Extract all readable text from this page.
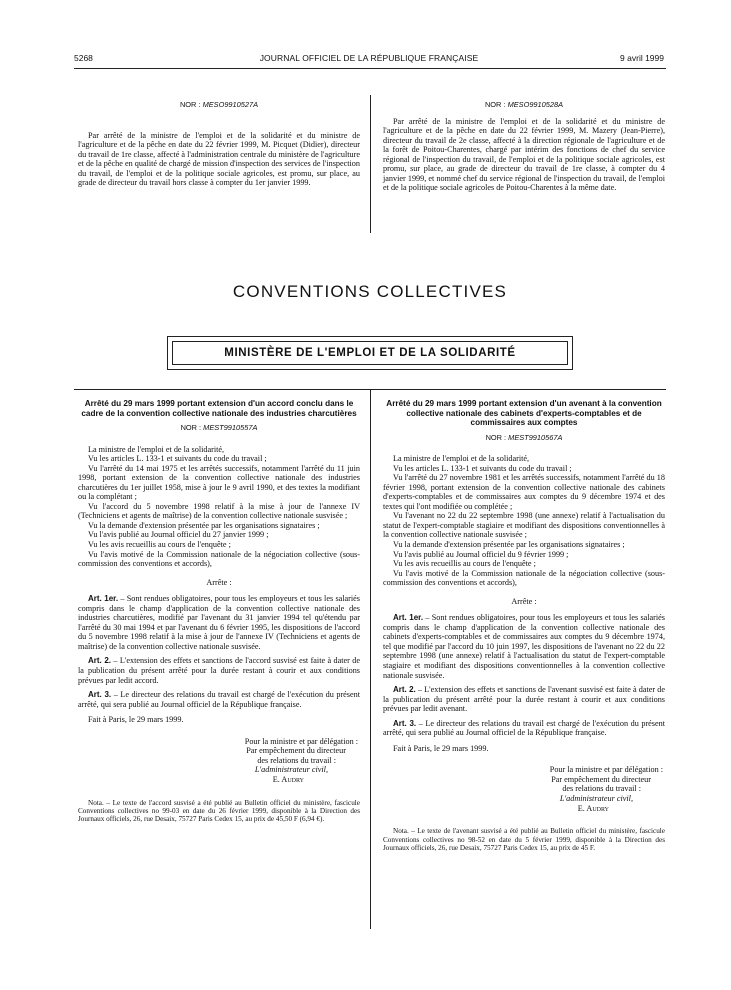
5268	JOURNAL OFFICIEL DE LA RÉPUBLIQUE FRANÇAISE	9 avril 1999
NOR : MESO9910527A

Par arrêté de la ministre de l'emploi et de la solidarité et du ministre de l'agriculture et de la pêche en date du 22 février 1999, M. Picquet (Didier), directeur du travail de 1re classe, affecté à l'administration centrale du ministère de l'agriculture et de la pêche en qualité de chargé de mission d'inspection des services de l'inspection du travail, de l'emploi et de la politique sociale agricoles, est promu, sur place, au grade de directeur du travail hors classe à compter du 1er janvier 1999.

NOR : MESO9910528A

Par arrêté de la ministre de l'emploi et de la solidarité et du ministre de l'agriculture et de la pêche en date du 22 février 1999, M. Mazery (Jean-Pierre), directeur du travail de 2e classe, affecté à la direction régionale de l'agriculture et de la forêt de Poitou-Charentes, chargé par intérim des fonctions de chef du service régional de l'inspection du travail, de l'emploi et de la politique sociale agricoles, est promu, sur place, au grade de directeur du travail de 1re classe, à compter du 4 janvier 1999, et nommé chef du service régional de l'inspection du travail, de l'emploi et de la politique sociale agricoles de Poitou-Charentes à la même date.

CONVENTIONS COLLECTIVES
MINISTÈRE DE L'EMPLOI ET DE LA SOLIDARITÉ
Arrêté du 29 mars 1999 portant extension d'un accord conclu dans le cadre de la convention collective nationale des industries charcutières
NOR : MEST9910557A

La ministre de l'emploi et de la solidarité,

Vu les articles L. 133-1 et suivants du code du travail ;

Vu l'arrêté du 14 mai 1975 et les arrêtés successifs, notamment l'arrêté du 11 juin 1998, portant extension de la convention collective nationale des industries charcutières du 1er juillet 1958, mise à jour le 9 avril 1990, et des textes la modifiant ou la complétant ;

Vu l'accord du 5 novembre 1998 relatif à la mise à jour de l'annexe IV (Techniciens et agents de maîtrise) de la convention collective nationale susvisée ;

Vu la demande d'extension présentée par les organisations signataires ;

Vu l'avis publié au Journal officiel du 27 janvier 1999 ;

Vu les avis recueillis au cours de l'enquête ;

Vu l'avis motivé de la Commission nationale de la négociation collective (sous-commission des conventions et accords),

Arrête :

Art. 1er. – Sont rendues obligatoires, pour tous les employeurs et tous les salariés compris dans le champ d'application de la convention collective nationale des industries charcutières, modifié par l'avenant du 31 janvier 1994 tel qu'étendu par l'arrêté du 30 mai 1994 et par l'avenant du 6 février 1995, les dispositions de l'accord du 5 novembre 1998 relatif à la mise à jour de l'annexe IV (Techniciens et agents de maîtrise) de la convention collective nationale susvisée.

Art. 2. – L'extension des effets et sanctions de l'accord susvisé est faite à dater de la publication du présent arrêté pour la durée restant à courir et aux conditions prévues par ledit accord.

Art. 3. – Le directeur des relations du travail est chargé de l'exécution du présent arrêté, qui sera publié au Journal officiel de la République française.

Fait à Paris, le 29 mars 1999.

Pour la ministre et par délégation :
Par empêchement du directeur
des relations du travail :
L'administrateur civil,
E. Audry

Nota. – Le texte de l'accord susvisé a été publié au Bulletin officiel du ministère, fascicule Conventions collectives no 99-03 en date du 26 février 1999, disponible à la Direction des Journaux officiels, 26, rue Desaix, 75727 Paris Cedex 15, au prix de 45,50 F (6,94 €).

Arrêté du 29 mars 1999 portant extension d'un avenant à la convention collective nationale des cabinets d'experts-comptables et de commissaires aux comptes
NOR : MEST9910567A

La ministre de l'emploi et de la solidarité,

Vu les articles L. 133-1 et suivants du code du travail ;

Vu l'arrêté du 27 novembre 1981 et les arrêtés successifs, notamment l'arrêté du 18 février 1998, portant extension de la convention collective nationale des cabinets d'experts-comptables et de commissaires aux comptes du 9 décembre 1974 et des textes qui l'ont modifiée ou complétée ;

Vu l'avenant no 22 du 22 septembre 1998 (une annexe) relatif à l'actualisation du statut de l'expert-comptable stagiaire et modifiant des dispositions conventionnelles à la convention collective nationale susvisée ;

Vu la demande d'extension présentée par les organisations signataires ;

Vu l'avis publié au Journal officiel du 9 février 1999 ;

Vu les avis recueillis au cours de l'enquête ;

Vu l'avis motivé de la Commission nationale de la négociation collective (sous-commission des conventions et accords),

Arrête :

Art. 1er. – Sont rendues obligatoires, pour tous les employeurs et tous les salariés compris dans le champ d'application de la convention collective nationale des cabinets d'experts-comptables et de commissaires aux comptes du 9 décembre 1974, tel que modifié par l'accord du 10 juin 1997, les dispositions de l'avenant no 22 du 22 septembre 1998 (une annexe) relatif à l'actualisation du statut de l'expert-comptable stagiaire et modifiant des dispositions conventionnelles à la convention collective nationale susvisée.

Art. 2. – L'extension des effets et sanctions de l'avenant susvisé est faite à dater de la publication du présent arrêté pour la durée restant à courir et aux conditions prévues par ledit avenant.

Art. 3. – Le directeur des relations du travail est chargé de l'exécution du présent arrêté, qui sera publié au Journal officiel de la République française.

Fait à Paris, le 29 mars 1999.

Pour la ministre et par délégation :
Par empêchement du directeur
des relations du travail :
L'administrateur civil,
E. Audry

Nota. – Le texte de l'avenant susvisé a été publié au Bulletin officiel du ministère, fascicule Conventions collectives no 98-52 en date du 5 février 1999, disponible à la Direction des Journaux officiels, 26, rue Desaix, 75727 Paris Cedex 15, au prix de 45 F.
